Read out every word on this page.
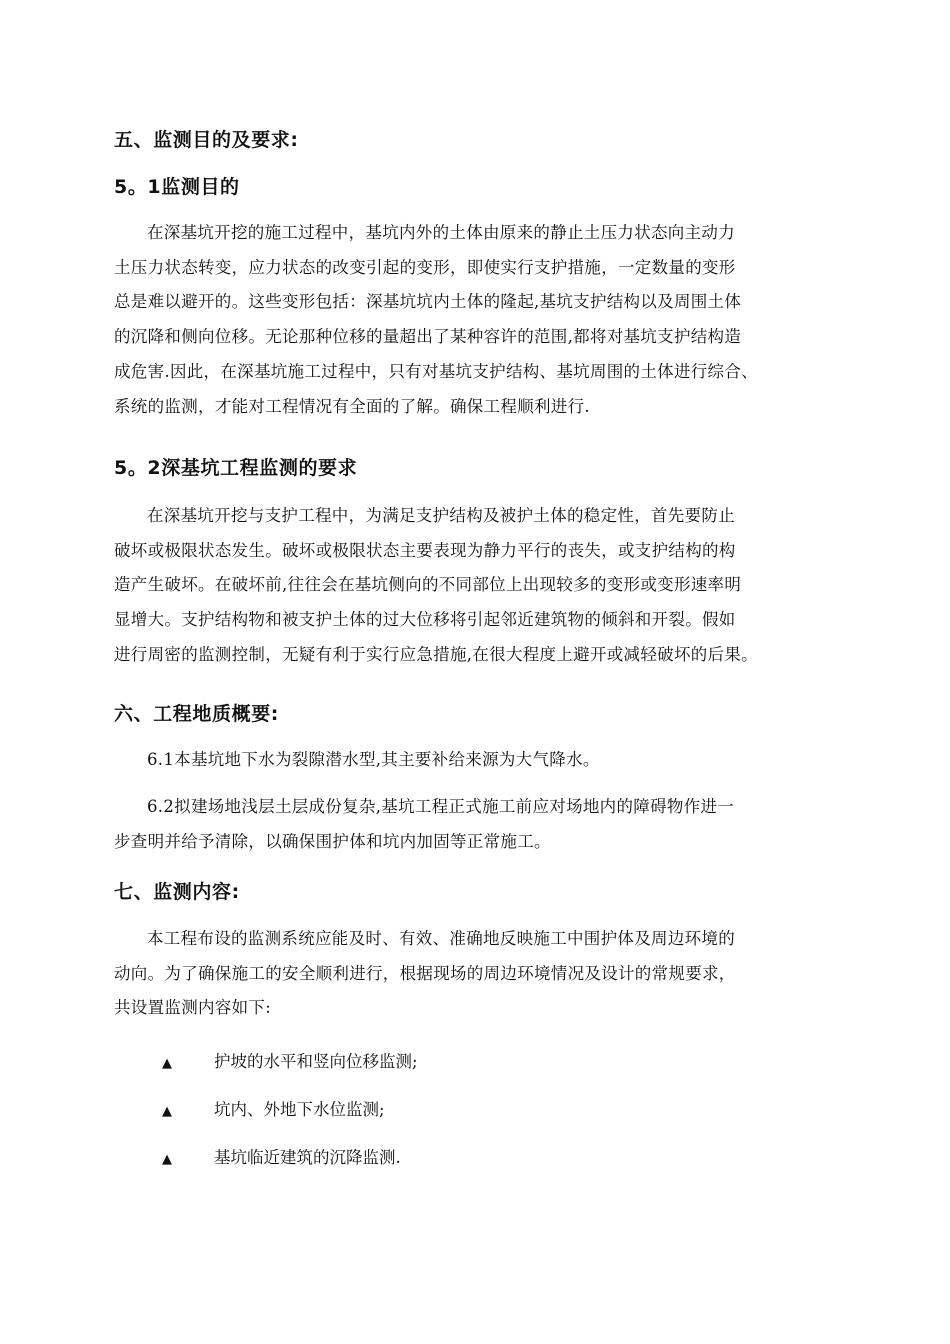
五、监测目的及要求:
5。1监测目的

在深基坑开挖的施工过程中，基坑内外的土体由原来的静止土压力状态向主动力
土压力状态转变，应力状态的改变引起的变形，即使实行支护措施，一定数量的变形
总是难以避开的。这些变形包括：深基坑坑内土体的隆起,基坑支护结构以及周围土体
的沉降和侧向位移。无论那种位移的量超出了某种容许的范围,都将对基坑支护结构造
成危害.因此，在深基坑施工过程中，只有对基坑支护结构、基坑周围的土体进行综合、
系统的监测，才能对工程情况有全面的了解。确保工程顺利进行.

5。2深基坑工程监测的要求

在深基坑开挖与支护工程中，为满足支护结构及被护土体的稳定性，首先要防止
破坏或极限状态发生。破坏或极限状态主要表现为静力平行的丧失，或支护结构的构
造产生破坏。在破坏前,往往会在基坑侧向的不同部位上出现较多的变形或变形速率明
显增大。支护结构物和被支护土体的过大位移将引起邻近建筑物的倾斜和开裂。假如
进行周密的监测控制，无疑有利于实行应急措施,在很大程度上避开或减轻破坏的后果。

六、工程地质概要:

6.1本基坑地下水为裂隙潜水型,其主要补给来源为大气降水。

6.2拟建场地浅层土层成份复杂,基坑工程正式施工前应对场地内的障碍物作进一
步查明并给予清除，以确保围护体和坑内加固等正常施工。

七、监测内容:

本工程布设的监测系统应能及时、有效、准确地反映施工中围护体及周边环境的
动向。为了确保施工的安全顺利进行，根据现场的周边环境情况及设计的常规要求，
共设置监测内容如下:

▲	护坡的水平和竖向位移监测;
▲	坑内、外地下水位监测;
▲	基坑临近建筑的沉降监测.
